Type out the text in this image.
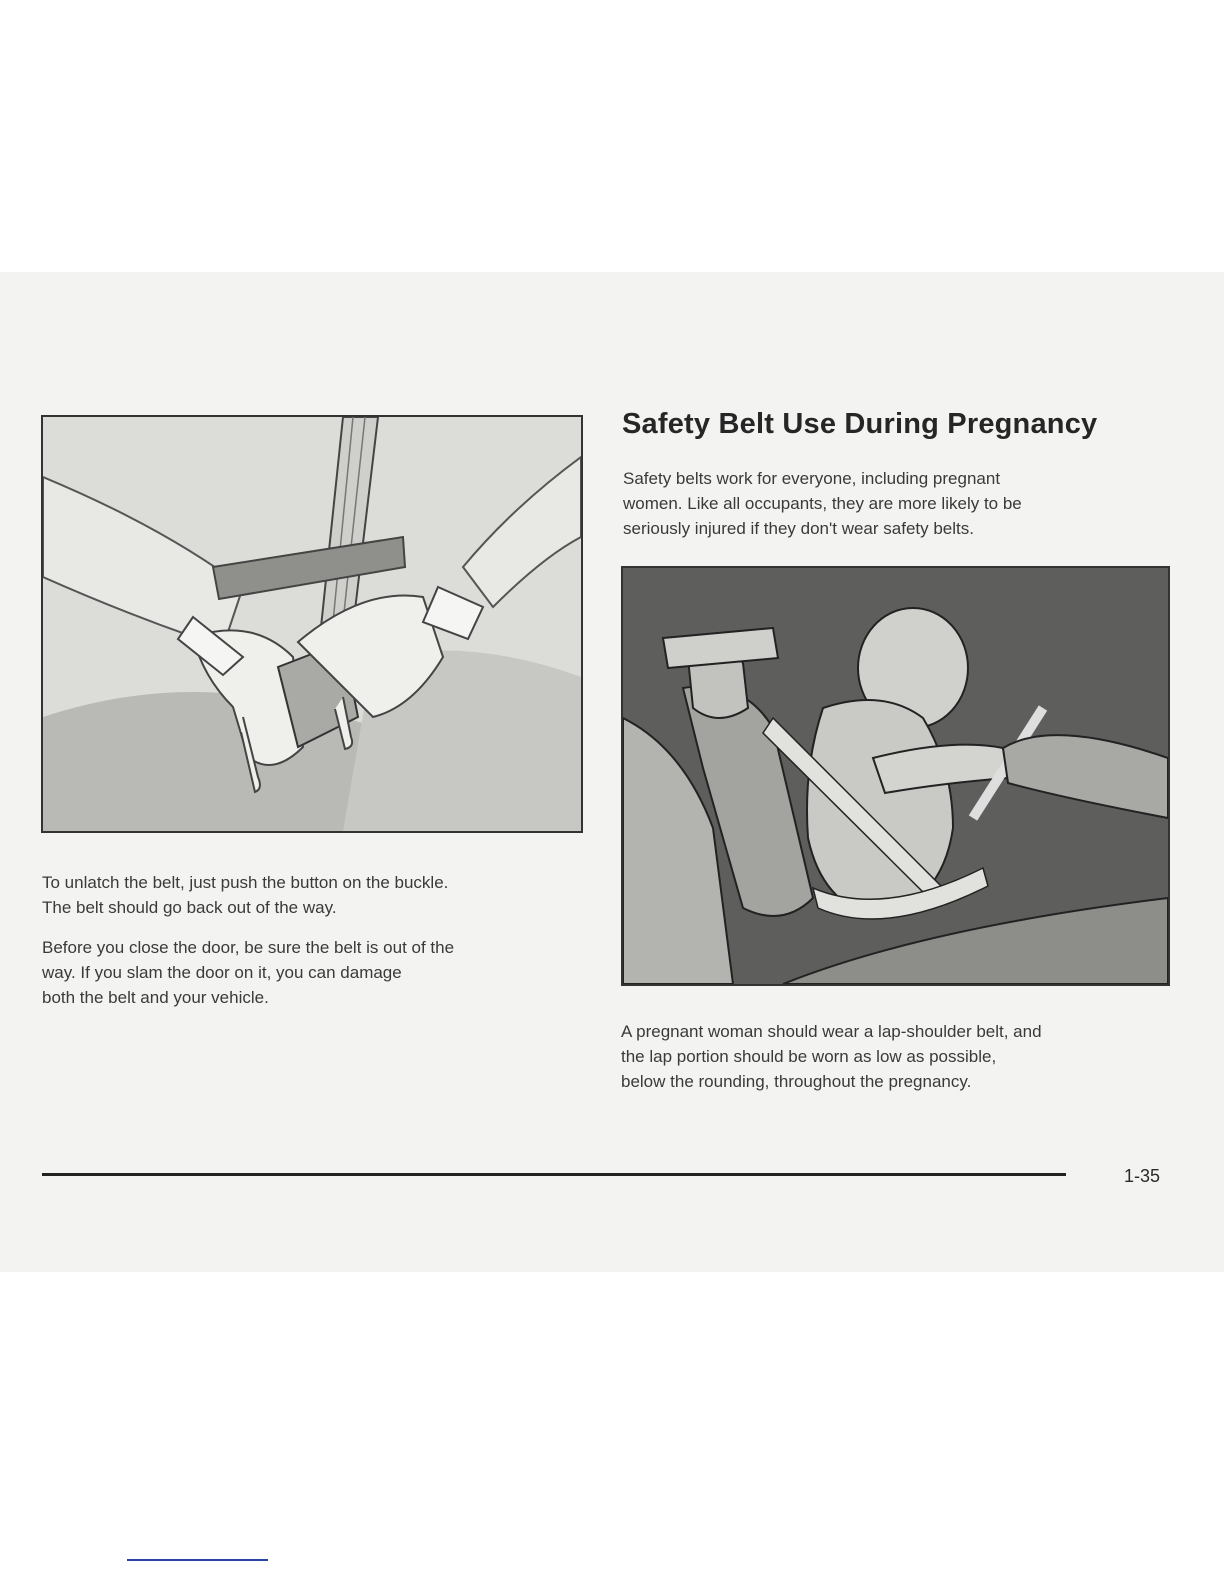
Safety Belt Use During Pregnancy

Safety belts work for everyone, including pregnant
women. Like all occupants, they are more likely to be
seriously injured if they don't wear safety belts.

To unlatch the belt, just push the button on the buckle.
The belt should go back out of the way.

Before you close the door, be sure the belt is out of the
way. If you slam the door on it, you can damage
both the belt and your vehicle.

A pregnant woman should wear a lap-shoulder belt, and
the lap portion should be worn as low as possible,
below the rounding, throughout the pregnancy.

1-35
